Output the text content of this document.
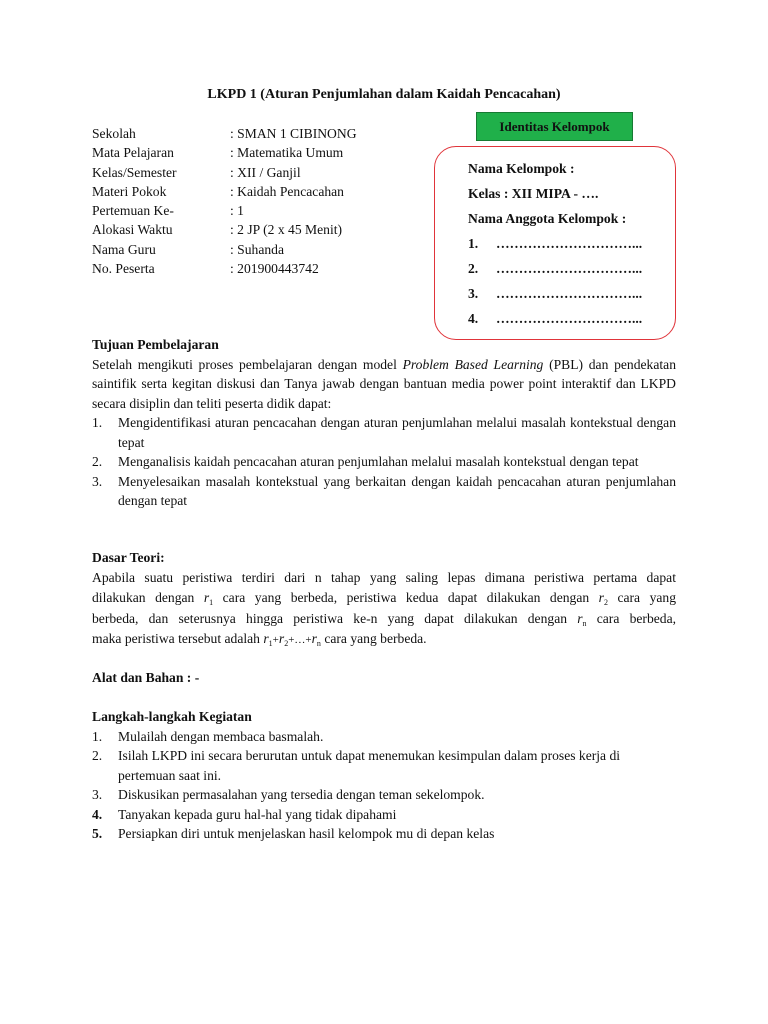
LKPD 1 (Aturan Penjumlahan dalam Kaidah Pencacahan)
Sekolah	: SMAN 1 CIBINONG
Mata Pelajaran	: Matematika Umum
Kelas/Semester	: XII / Ganjil
Materi Pokok	: Kaidah Pencacahan
Pertemuan Ke-	: 1
Alokasi Waktu	: 2 JP (2 x 45 Menit)
Nama Guru	: Suhanda
No. Peserta	: 201900443742
Identitas Kelompok
Nama Kelompok :
Kelas : XII MIPA - ….
Nama Anggota Kelompok :
1.	…………………………...
2.	…………………………...
3.	…………………………...
4.	…………………………...
Tujuan Pembelajaran
Setelah mengikuti proses pembelajaran dengan model Problem Based Learning (PBL) dan pendekatan saintifik serta kegitan diskusi dan Tanya jawab dengan bantuan media power point interaktif dan LKPD secara disiplin dan teliti peserta didik dapat:
1.	Mengidentifikasi aturan pencacahan dengan aturan penjumlahan melalui masalah kontekstual dengan tepat
2.	Menganalisis kaidah pencacahan aturan penjumlahan melalui masalah kontekstual dengan tepat
3.	Menyelesaikan masalah kontekstual yang berkaitan dengan kaidah pencacahan aturan penjumlahan dengan tepat
Dasar Teori:
Apabila suatu peristiwa terdiri dari n tahap yang saling lepas dimana peristiwa pertama dapat
dilakukan dengan $r_1$ cara yang berbeda, peristiwa kedua dapat dilakukan dengan $r_2$ cara yang
berbeda, dan seterusnya hingga peristiwa ke-n yang dapat dilakukan dengan $r_n$ cara berbeda,
maka peristiwa tersebut adalah $r_1+r_2+\dots+r_n$ cara yang berbeda.
Alat dan Bahan : -
Langkah-langkah Kegiatan
1.	Mulailah dengan membaca basmalah.
2.	Isilah LKPD ini secara berurutan untuk dapat menemukan kesimpulan dalam proses kerja di pertemuan saat ini.
3.	Diskusikan permasalahan yang tersedia dengan teman sekelompok.
4.	Tanyakan kepada guru hal-hal yang tidak dipahami
5.	Persiapkan diri untuk menjelaskan hasil kelompok mu di depan kelas
